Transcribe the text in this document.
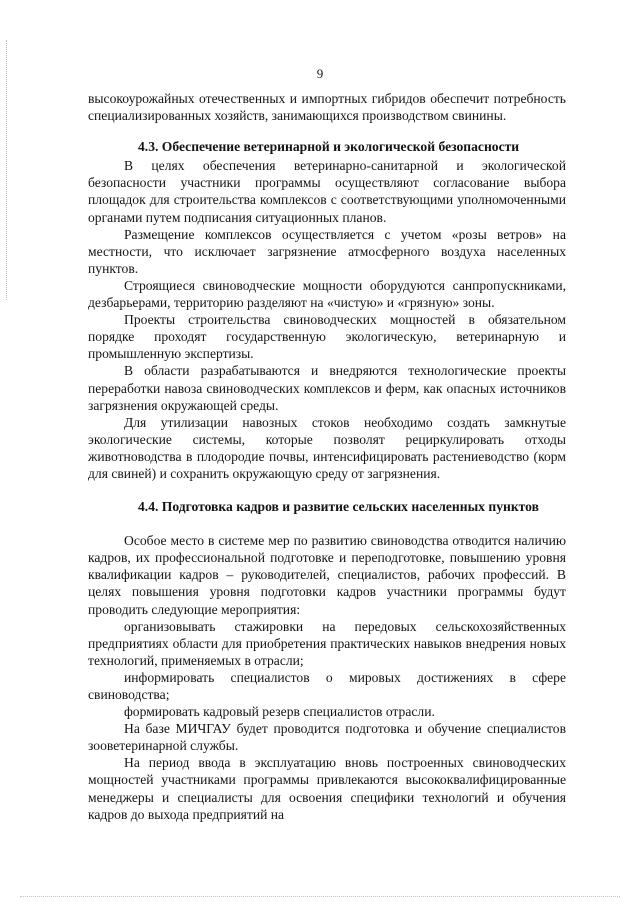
9

высокоурожайных отечественных и импортных гибридов обеспечит потребность специализированных хозяйств, занимающихся производством свинины.

4.3. Обеспечение ветеринарной и экологической безопасности

В целях обеспечения ветеринарно-санитарной и экологической безопасности участники программы осуществляют согласование выбора площадок для строительства комплексов с соответствующими уполномоченными органами путем подписания ситуационных планов.

Размещение комплексов осуществляется с учетом «розы ветров» на местности, что исключает загрязнение атмосферного воздуха населенных пунктов.

Строящиеся свиноводческие мощности оборудуются санпропускниками, дезбарьерами, территорию разделяют на «чистую» и «грязную» зоны.

Проекты строительства свиноводческих мощностей в обязательном порядке проходят государственную экологическую, ветеринарную и промышленную экспертизы.

В области разрабатываются и внедряются технологические проекты переработки навоза свиноводческих комплексов и ферм, как опасных источников загрязнения окружающей среды.

Для утилизации навозных стоков необходимо создать замкнутые экологические системы, которые позволят рециркулировать отходы животноводства в плодородие почвы, интенсифицировать растениеводство (корм для свиней) и сохранить окружающую среду от загрязнения.

4.4. Подготовка кадров и развитие сельских населенных пунктов

Особое место в системе мер по развитию свиноводства отводится наличию кадров, их профессиональной подготовке и переподготовке, повышению уровня квалификации кадров – руководителей, специалистов, рабочих профессий. В целях повышения уровня подготовки кадров участники программы будут проводить следующие мероприятия:

организовывать стажировки на передовых сельскохозяйственных предприятиях области для приобретения практических навыков внедрения новых технологий, применяемых в отрасли;

информировать специалистов о мировых достижениях в сфере свиноводства;

формировать кадровый резерв специалистов отрасли.

На базе МИЧГАУ будет проводится подготовка и обучение специалистов зооветеринарной службы.

На период ввода в эксплуатацию вновь построенных свиноводческих мощностей участниками программы привлекаются высококвалифицированные менеджеры и специалисты для освоения специфики технологий и обучения кадров до выхода предприятий на
